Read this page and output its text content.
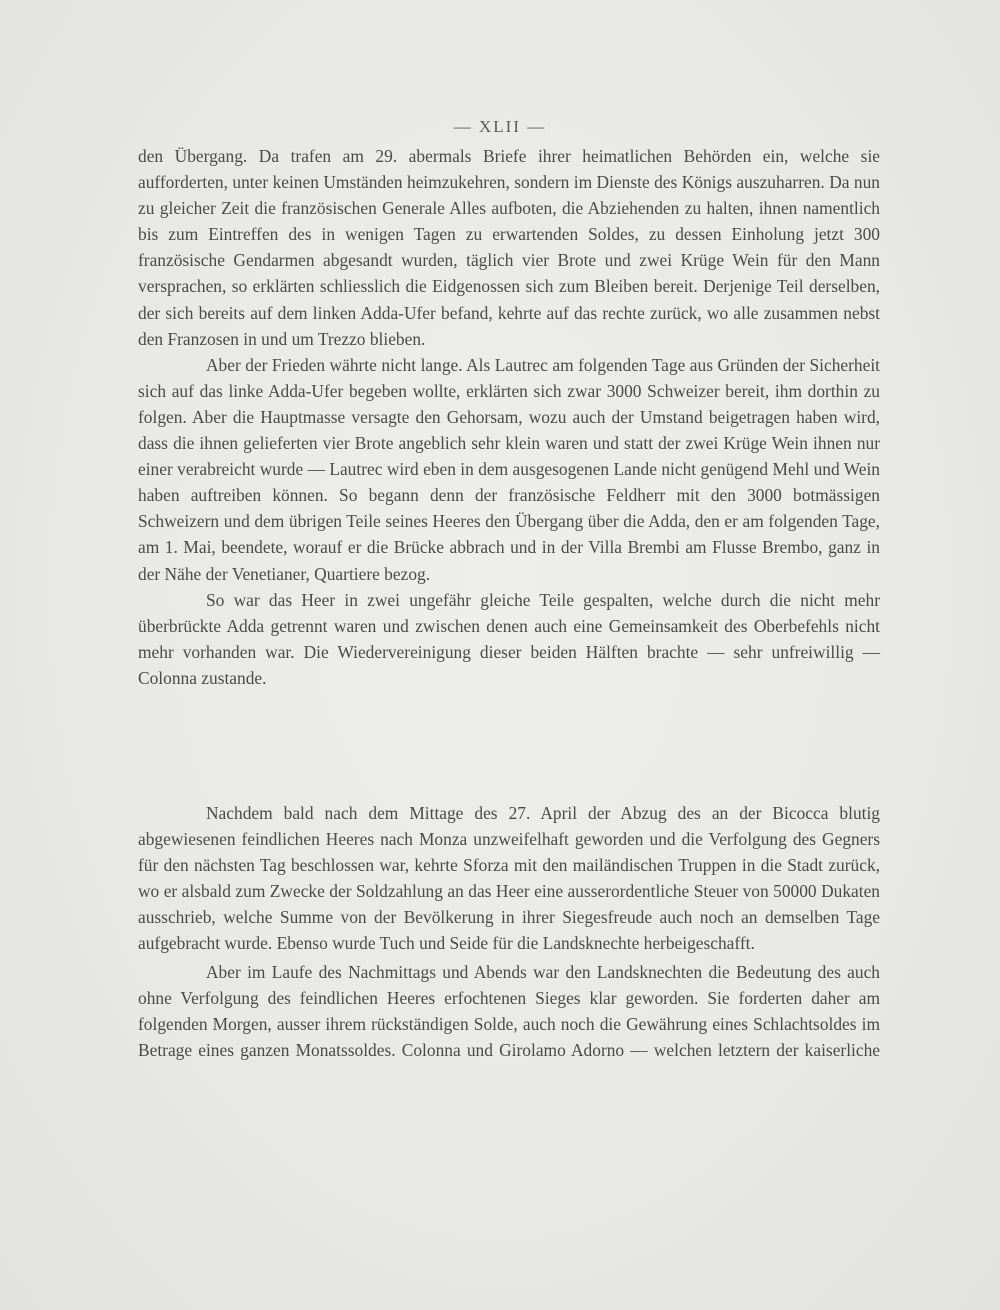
— XLII —

den Übergang. Da trafen am 29. abermals Briefe ihrer heimatlichen Behörden ein, welche sie aufforderten, unter keinen Umständen heimzukehren, sondern im Dienste des Königs auszuharren. Da nun zu gleicher Zeit die französischen Generale Alles aufboten, die Abziehenden zu halten, ihnen namentlich bis zum Eintreffen des in wenigen Tagen zu erwartenden Soldes, zu dessen Einholung jetzt 300 französische Gendarmen abgesandt wurden, täglich vier Brote und zwei Krüge Wein für den Mann versprachen, so erklärten schliesslich die Eidgenossen sich zum Bleiben bereit. Derjenige Teil derselben, der sich bereits auf dem linken Adda-Ufer befand, kehrte auf das rechte zurück, wo alle zusammen nebst den Franzosen in und um Trezzo blieben.

Aber der Frieden währte nicht lange. Als Lautrec am folgenden Tage aus Gründen der Sicherheit sich auf das linke Adda-Ufer begeben wollte, erklärten sich zwar 3000 Schweizer bereit, ihm dorthin zu folgen. Aber die Hauptmasse versagte den Gehorsam, wozu auch der Umstand beigetragen haben wird, dass die ihnen gelieferten vier Brote angeblich sehr klein waren und statt der zwei Krüge Wein ihnen nur einer verabreicht wurde — Lautrec wird eben in dem ausgesogenen Lande nicht genügend Mehl und Wein haben auftreiben können. So begann denn der französische Feldherr mit den 3000 botmässigen Schweizern und dem übrigen Teile seines Heeres den Übergang über die Adda, den er am folgenden Tage, am 1. Mai, beendete, worauf er die Brücke abbrach und in der Villa Brembi am Flusse Brembo, ganz in der Nähe der Venetianer, Quartiere bezog.

So war das Heer in zwei ungefähr gleiche Teile gespalten, welche durch die nicht mehr überbrückte Adda getrennt waren und zwischen denen auch eine Gemeinsamkeit des Oberbefehls nicht mehr vorhanden war. Die Wiedervereinigung dieser beiden Hälften brachte — sehr unfreiwillig — Colonna zustande.

Nachdem bald nach dem Mittage des 27. April der Abzug des an der Bicocca blutig abgewiesenen feindlichen Heeres nach Monza unzweifelhaft geworden und die Verfolgung des Gegners für den nächsten Tag beschlossen war, kehrte Sforza mit den mailändischen Truppen in die Stadt zurück, wo er alsbald zum Zwecke der Soldzahlung an das Heer eine ausserordentliche Steuer von 50000 Dukaten ausschrieb, welche Summe von der Bevölkerung in ihrer Siegesfreude auch noch an demselben Tage aufgebracht wurde. Ebenso wurde Tuch und Seide für die Landsknechte herbeigeschafft.

Aber im Laufe des Nachmittags und Abends war den Landsknechten die Bedeutung des auch ohne Verfolgung des feindlichen Heeres erfochtenen Sieges klar geworden. Sie forderten daher am folgenden Morgen, ausser ihrem rückständigen Solde, auch noch die Gewährung eines Schlachtsoldes im Betrage eines ganzen Monatssoldes. Colonna und Girolamo Adorno — welchen letztern der kaiserliche
